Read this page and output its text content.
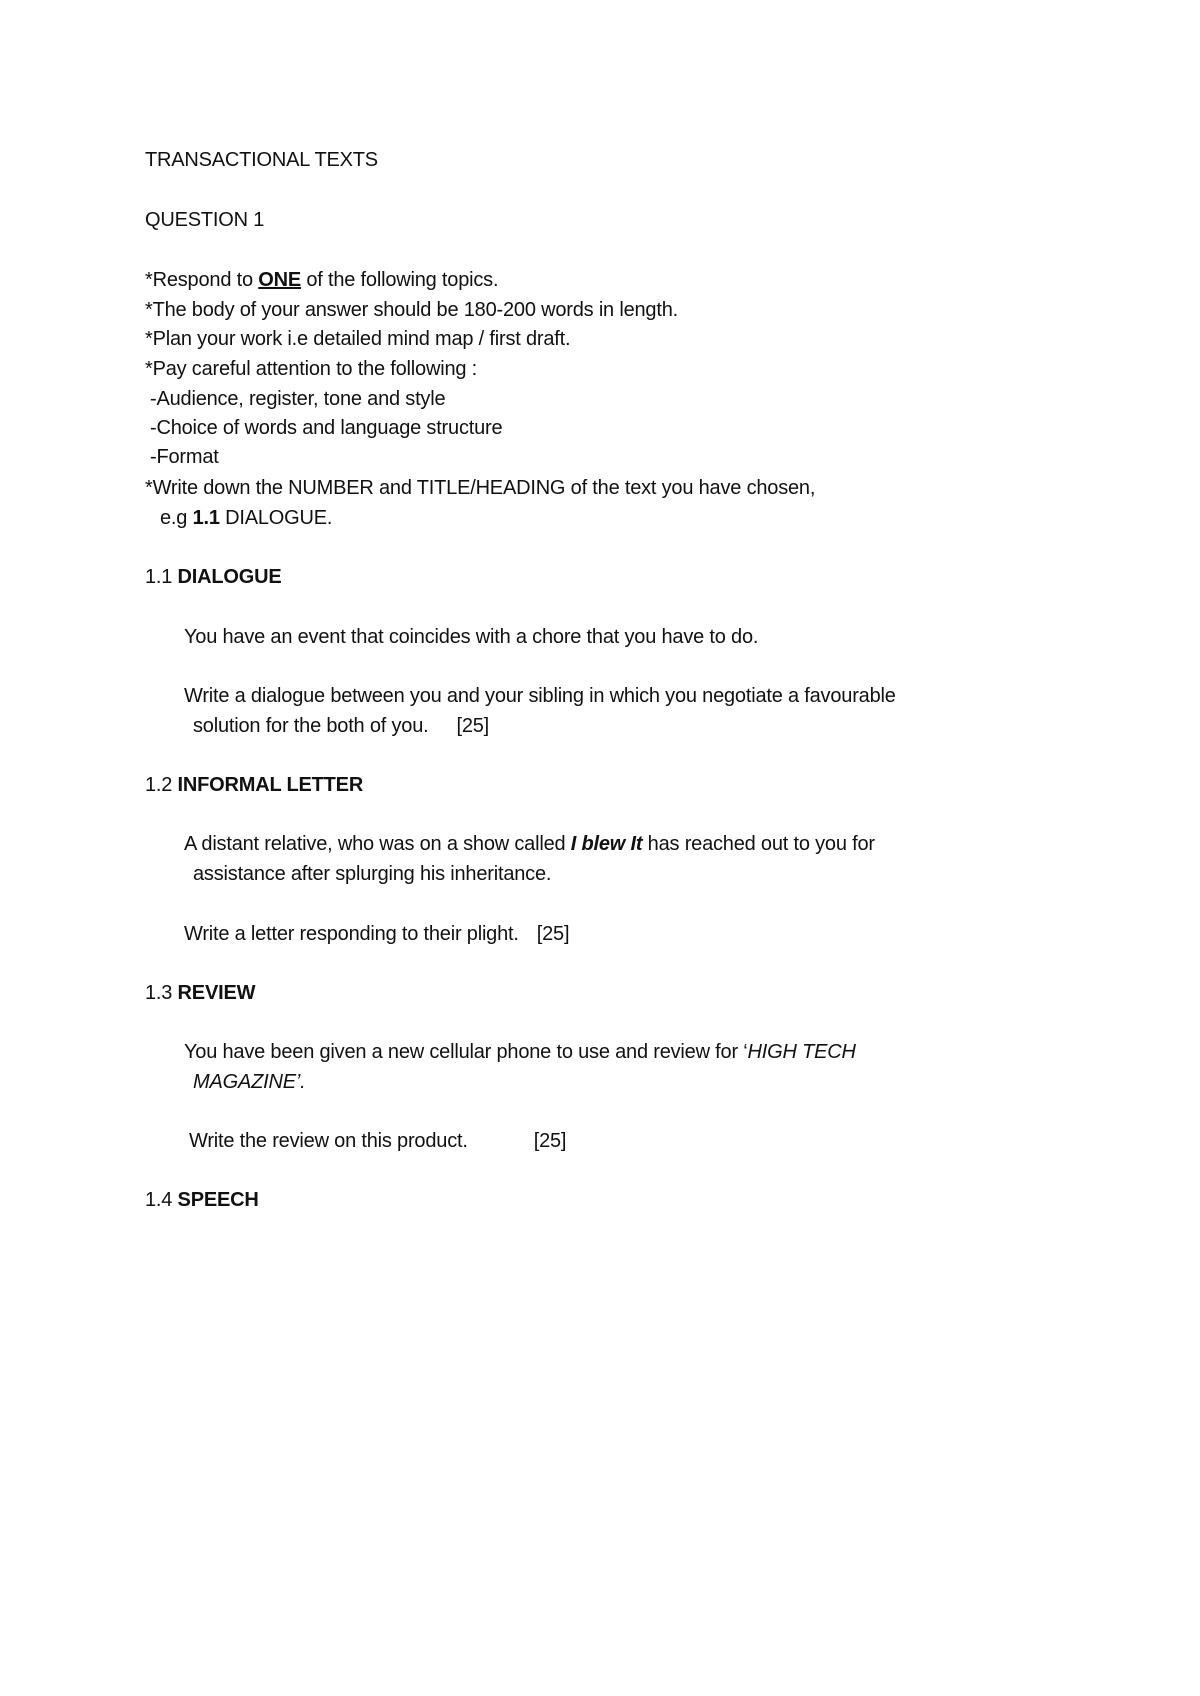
TRANSACTIONAL TEXTS
QUESTION 1
*Respond to ONE of the following topics.
*The body of your answer should be 180-200 words in length.
*Plan your work i.e detailed mind map / first draft.
*Pay careful attention to the following :
-Audience, register, tone and style
-Choice of words and language structure
-Format
*Write down the NUMBER and TITLE/HEADING of the text you have chosen,
e.g 1.1 DIALOGUE.
1.1 DIALOGUE
You have an event that coincides with a chore that you have to do.
Write a dialogue between you and your sibling in which you negotiate a favourable
solution for the both of you. [25]
1.2 INFORMAL LETTER
A distant relative, who was on a show called I blew It has reached out to you for
assistance after splurging his inheritance.
Write a letter responding to their plight. [25]
1.3 REVIEW
You have been given a new cellular phone to use and review for ‘HIGH TECH
MAGAZINE’.
Write the review on this product.	[25]
1.4 SPEECH
